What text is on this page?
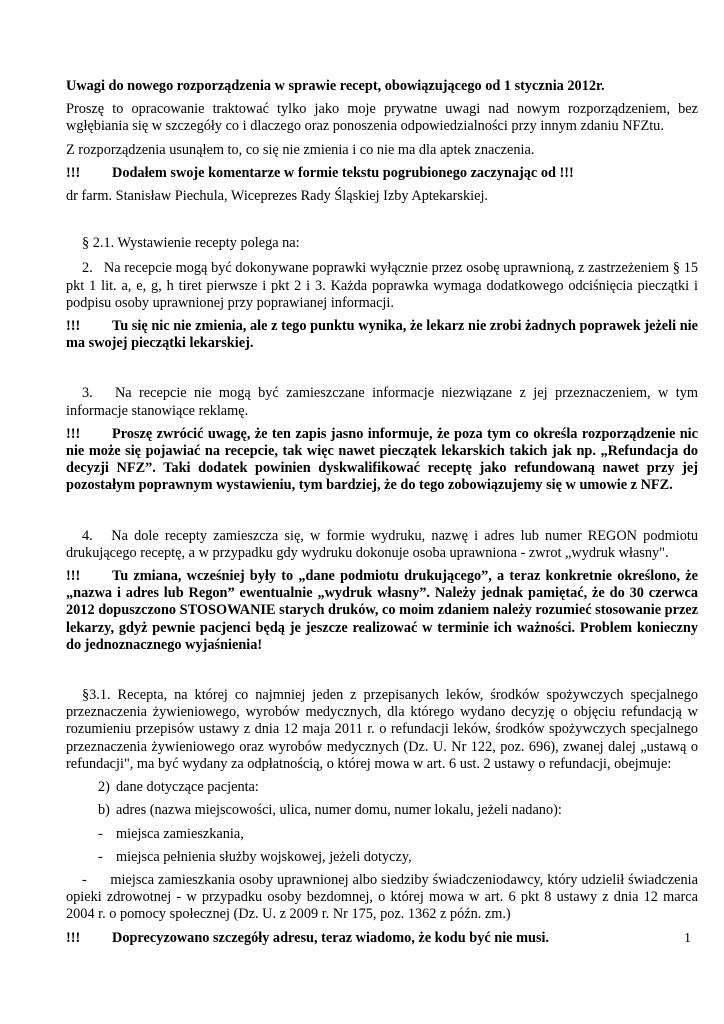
Uwagi do nowego rozporządzenia w sprawie recept, obowiązującego od 1 stycznia 2012r.

Proszę to opracowanie traktować tylko jako moje prywatne uwagi nad nowym rozporządzeniem, bez wgłębiania się w szczegóły co i dlaczego oraz ponoszenia odpowiedzialności przy innym zdaniu NFZtu.

Z rozporządzenia usunąłem to, co się nie zmienia i co nie ma dla aptek znaczenia.

!!! Dodałem swoje komentarze w formie tekstu pogrubionego zaczynając od !!!

dr farm. Stanisław Piechula, Wiceprezes Rady Śląskiej Izby Aptekarskiej.

§ 2.1. Wystawienie recepty polega na:

2.   Na recepcie mogą być dokonywane poprawki wyłącznie przez osobę uprawnioną, z zastrzeżeniem § 15 pkt 1 lit. a, e, g, h tiret pierwsze i pkt 2 i 3. Każda poprawka wymaga dodatkowego odciśnięcia pieczątki i podpisu osoby uprawnionej przy poprawianej informacji.

!!! Tu się nic nie zmienia, ale z tego punktu wynika, że lekarz nie zrobi żadnych poprawek jeżeli nie ma swojej pieczątki lekarskiej.

3.   Na recepcie nie mogą być zamieszczane informacje niezwiązane z jej przeznaczeniem, w tym informacje stanowiące reklamę.

!!! Proszę zwrócić uwagę, że ten zapis jasno informuje, że poza tym co określa rozporządzenie nic nie może się pojawiać na recepcie, tak więc nawet pieczątek lekarskich takich jak np. „Refundacja do decyzji NFZ”. Taki dodatek powinien dyskwalifikować receptę jako refundowaną nawet przy jej pozostałym poprawnym wystawieniu, tym bardziej, że do tego zobowiązujemy się w umowie z NFZ.

4.   Na dole recepty zamieszcza się, w formie wydruku, nazwę i adres lub numer REGON podmiotu drukującego receptę, a w przypadku gdy wydruku dokonuje osoba uprawniona - zwrot „wydruk własny".

!!! Tu zmiana, wcześniej były to „dane podmiotu drukującego”, a teraz konkretnie określono, że „nazwa i adres lub Regon” ewentualnie „wydruk własny”. Należy jednak pamiętać, że do 30 czerwca 2012 dopuszczono STOSOWANIE starych druków, co moim zdaniem należy rozumieć stosowanie przez lekarzy, gdyż pewnie pacjenci będą je jeszcze realizować w terminie ich ważności. Problem konieczny do jednoznacznego wyjaśnienia!

§3.1. Recepta, na której co najmniej jeden z przepisanych leków, środków spożywczych specjalnego przeznaczenia żywieniowego, wyrobów medycznych, dla którego wydano decyzję o objęciu refundacją w rozumieniu przepisów ustawy z dnia 12 maja 2011 r. o refundacji leków, środków spożywczych specjalnego przeznaczenia żywieniowego oraz wyrobów medycznych (Dz. U. Nr 122, poz. 696), zwanej dalej „ustawą o refundacji", ma być wydany za odpłatnością, o której mowa w art. 6 ust. 2 ustawy o refundacji, obejmuje:

2) dane dotyczące pacjenta:

b) adres (nazwa miejscowości, ulica, numer domu, numer lokalu, jeżeli nadano):

- miejsca zamieszkania,

- miejsca pełnienia służby wojskowej, jeżeli dotyczy,

-      miejsca zamieszkania osoby uprawnionej albo siedziby świadczeniodawcy, który udzielił świadczenia opieki zdrowotnej - w przypadku osoby bezdomnej, o której mowa w art. 6 pkt 8 ustawy z dnia 12 marca 2004 r. o pomocy społecznej (Dz. U. z 2009 r. Nr 175, poz. 1362 z późn. zm.)

!!! Doprecyzowano szczegóły adresu, teraz wiadomo, że kodu być nie musi.	1
